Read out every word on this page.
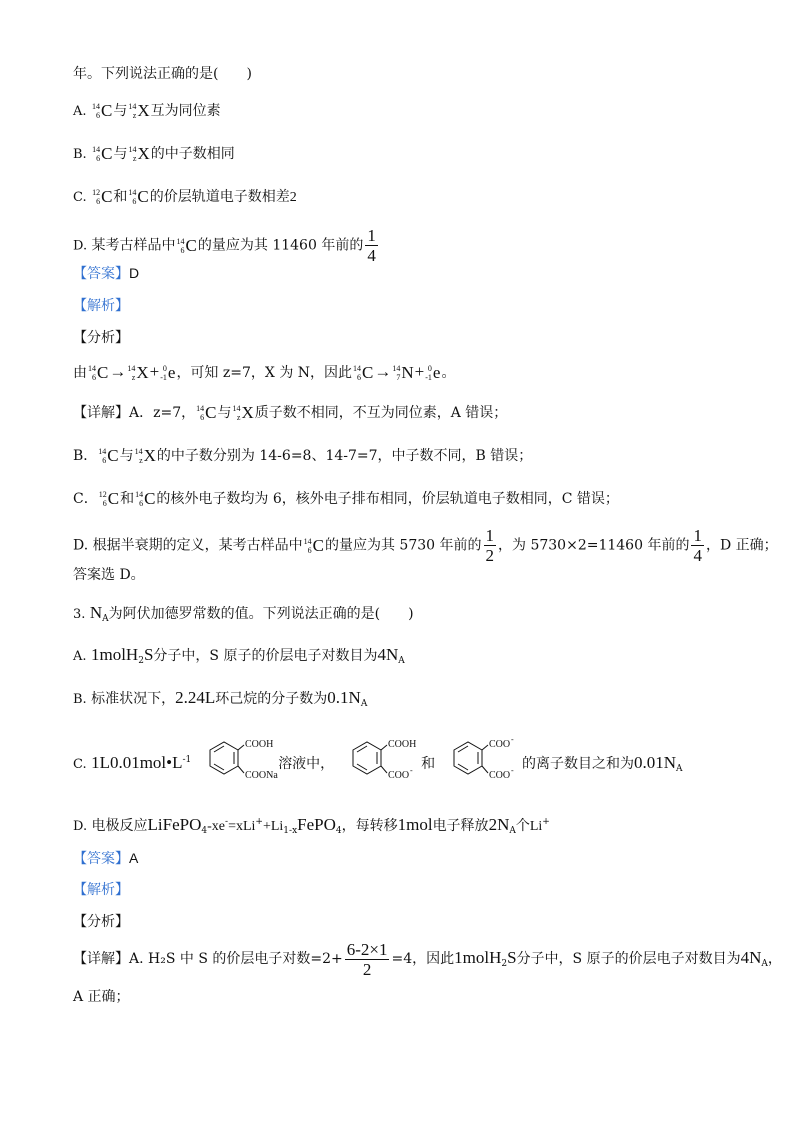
年。下列说法正确的是(　　)
A. 14
6 C 与 14
z X 互为同位素
B. 14
6 C 与 14
z X 的中子数相同
C. 12
6 C 和 14
6 C 的价层轨道电子数相差2
D. 某考古样品中 14
6 C 的量应为其 11460 年前的 $\frac{1}{4}$
【答案】D
【解析】
【分析】
由 14
6 C → 14
z X + 0
-1 e ，可知 z=7，X 为 N，因此 14
6 C → 14
7 N + 0
-1 e 。
【详解】A．z=7， 14
6 C 与 14
z X 质子数不相同，不互为同位素，A 错误；
B． 14
6 C 与 14
z X 的中子数分别为 14-6=8、14-7=7，中子数不同，B 错误；
C． 12
6 C 和 14
6 C 的核外电子数均为 6，核外电子排布相同，价层轨道电子数相同，C 错误；
D. 根据半衰期的定义，某考古样品中 14
6 C 的量应为其 5730 年前的 $\frac{1}{2}$ ，为 5730×2=11460 年前的 $\frac{1}{4}$ ，D 正确；
答案选 D。
3. $N_A$为阿伏加德罗常数的值。下列说法正确的是(　　)
A. 1molH$_2$S分子中，S 原子的价层电子对数目为$4N_A$
B. 标准状况下，2.24L环己烷的分子数为$0.1N_A$
C. $1L0.01mol•L^{-1}$
COOH
COONa
溶液中，
COOH
COO - 和
COO -
COO - 的离子数目之和为$0.01N_A$
D. 电极反应$LiFePO_4-xe^-=xLi^++Li_{1-x}FePO_4$，每转移1mol电子释放$2N_A$个Li+
【答案】A
【解析】
【分析】
【详解】A. H₂S 中 S 的价层电子对数$=2+ \frac{6-2\times 1}{2} =4$，因此1molH$_2$S分子中，S 原子的价层电子对数目为$4N_A$，
A 正确；
